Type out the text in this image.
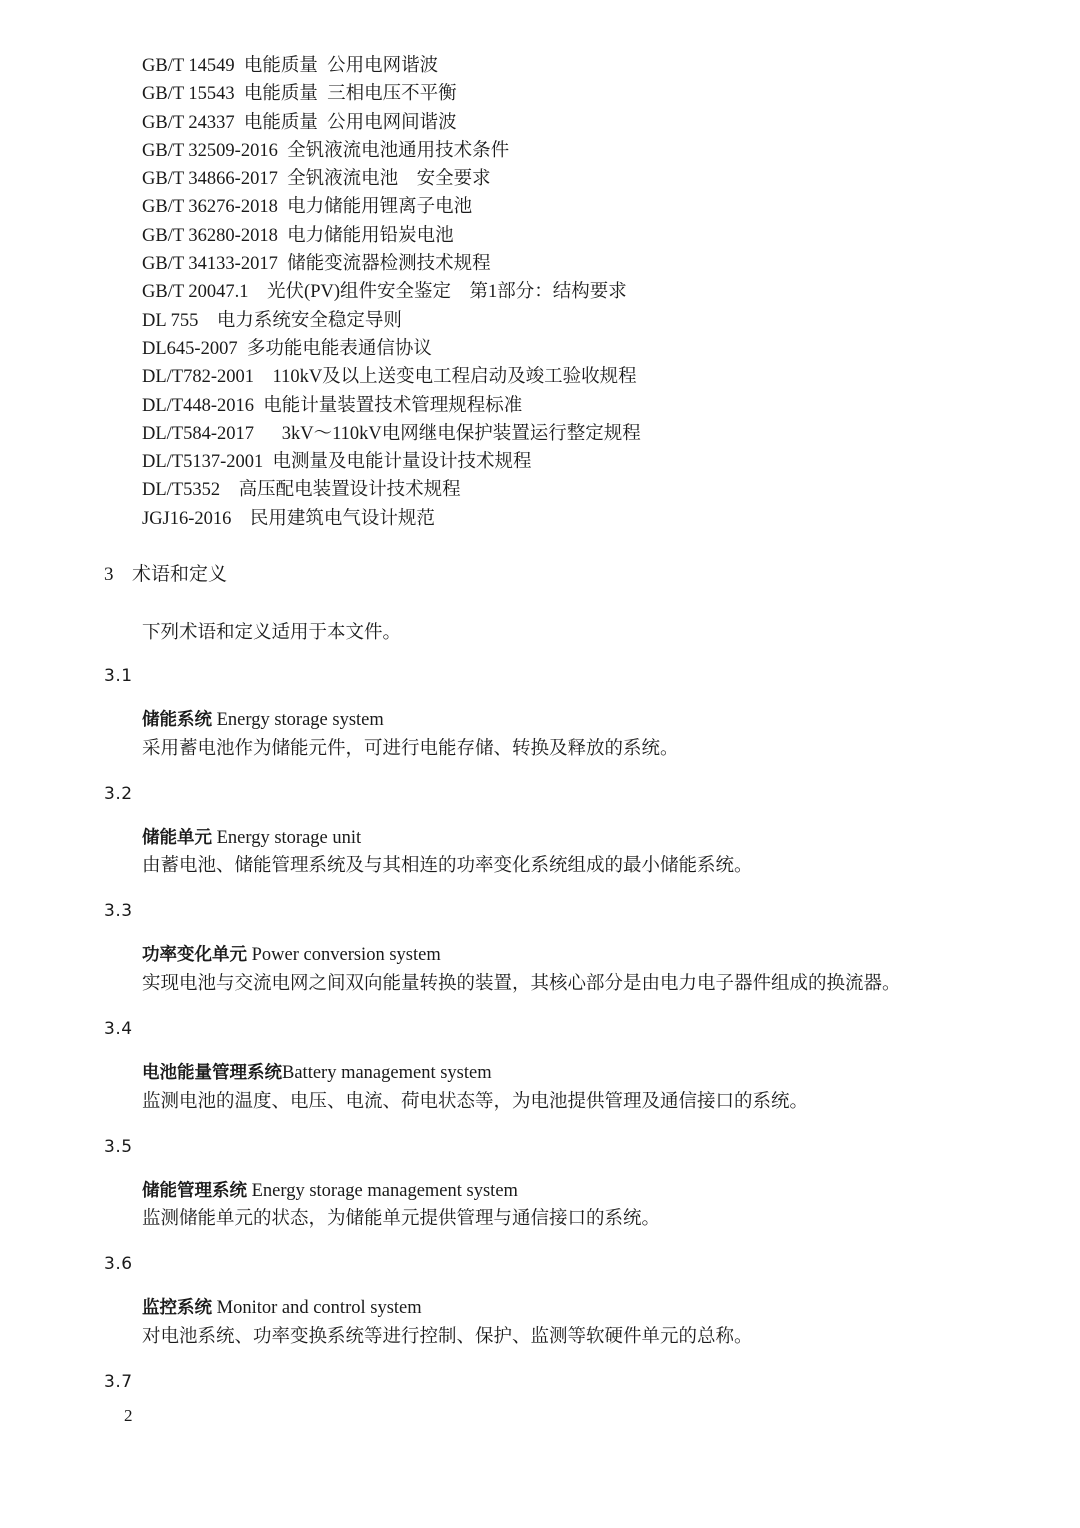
GB/T 14549  电能质量  公用电网谐波
GB/T 15543  电能质量  三相电压不平衡
GB/T 24337  电能质量  公用电网间谐波
GB/T 32509-2016  全钒液流电池通用技术条件
GB/T 34866-2017  全钒液流电池    安全要求
GB/T 36276-2018  电力储能用锂离子电池
GB/T 36280-2018  电力储能用铅炭电池
GB/T 34133-2017  储能变流器检测技术规程
GB/T 20047.1    光伏(PV)组件安全鉴定    第1部分：结构要求
DL 755    电力系统安全稳定导则
DL645-2007  多功能电能表通信协议
DL/T782-2001    110kV及以上送变电工程启动及竣工验收规程
DL/T448-2016  电能计量装置技术管理规程标准
DL/T584-2017      3kV～110kV电网继电保护装置运行整定规程
DL/T5137-2001  电测量及电能计量设计技术规程
DL/T5352    高压配电装置设计技术规程
JGJ16-2016    民用建筑电气设计规范
3 术语和定义
下列术语和定义适用于本文件。
3.1
储能系统 Energy storage system
采用蓄电池作为储能元件，可进行电能存储、转换及释放的系统。
3.2
储能单元 Energy storage unit
由蓄电池、储能管理系统及与其相连的功率变化系统组成的最小储能系统。
3.3
功率变化单元 Power conversion system
实现电池与交流电网之间双向能量转换的装置，其核心部分是由电力电子器件组成的换流器。
3.4
电池能量管理系统Battery management system
监测电池的温度、电压、电流、荷电状态等，为电池提供管理及通信接口的系统。
3.5
储能管理系统 Energy storage management system
监测储能单元的状态，为储能单元提供管理与通信接口的系统。
3.6
监控系统 Monitor and control system
对电池系统、功率变换系统等进行控制、保护、监测等软硬件单元的总称。
3.7
2
